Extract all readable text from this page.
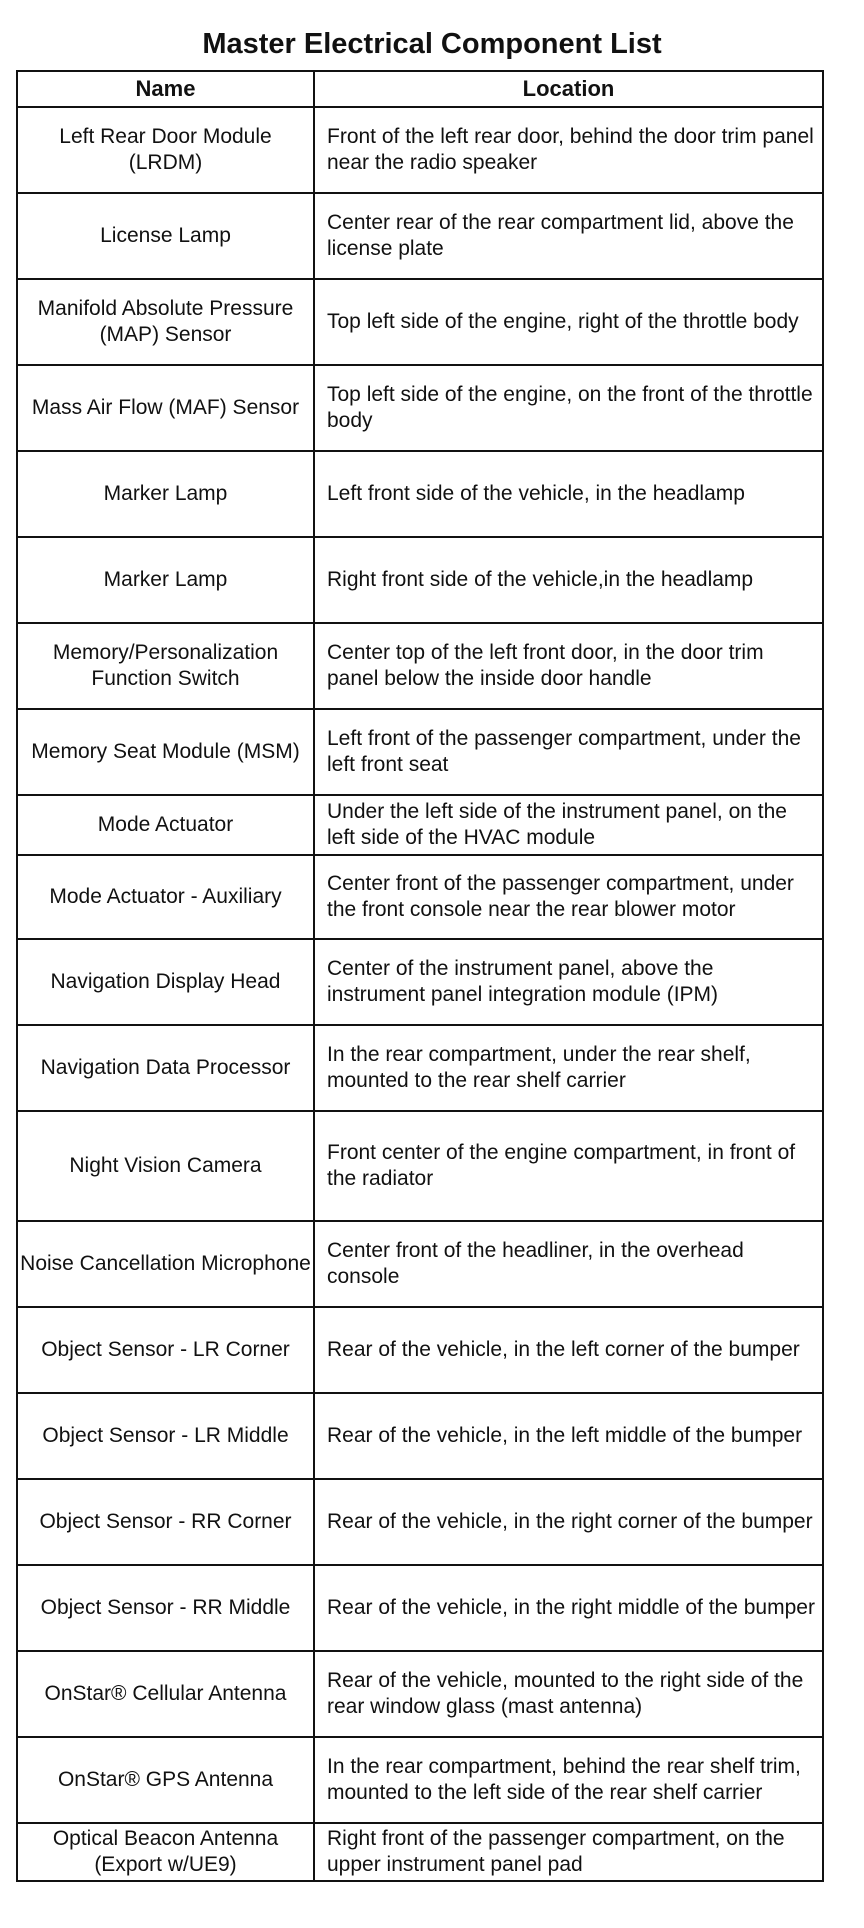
Master Electrical Component List
Name	Location
Left Rear Door Module (LRDM)	Front of the left rear door, behind the door trim panel near the radio speaker
License Lamp	Center rear of the rear compartment lid, above the license plate
Manifold Absolute Pressure (MAP) Sensor	Top left side of the engine, right of the throttle body
Mass Air Flow (MAF) Sensor	Top left side of the engine, on the front of the throttle body
Marker Lamp	Left front side of the vehicle, in the headlamp
Marker Lamp	Right front side of the vehicle,in the headlamp
Memory/Personalization Function Switch	Center top of the left front door, in the door trim panel below the inside door handle
Memory Seat Module (MSM)	Left front of the passenger compartment, under the left front seat
Mode Actuator	Under the left side of the instrument panel, on the left side of the HVAC module
Mode Actuator - Auxiliary	Center front of the passenger compartment, under the front console near the rear blower motor
Navigation Display Head	Center of the instrument panel, above the instrument panel integration module (IPM)
Navigation Data Processor	In the rear compartment, under the rear shelf, mounted to the rear shelf carrier
Night Vision Camera	Front center of the engine compartment, in front of the radiator
Noise Cancellation Microphone	Center front of the headliner, in the overhead console
Object Sensor - LR Corner	Rear of the vehicle, in the left corner of the bumper
Object Sensor - LR Middle	Rear of the vehicle, in the left middle of the bumper
Object Sensor - RR Corner	Rear of the vehicle, in the right corner of the bumper
Object Sensor - RR Middle	Rear of the vehicle, in the right middle of the bumper
OnStar® Cellular Antenna	Rear of the vehicle, mounted to the right side of the rear window glass (mast antenna)
OnStar® GPS Antenna	In the rear compartment, behind the rear shelf trim, mounted to the left side of the rear shelf carrier
Optical Beacon Antenna (Export w/UE9)	Right front of the passenger compartment, on the upper instrument panel pad
